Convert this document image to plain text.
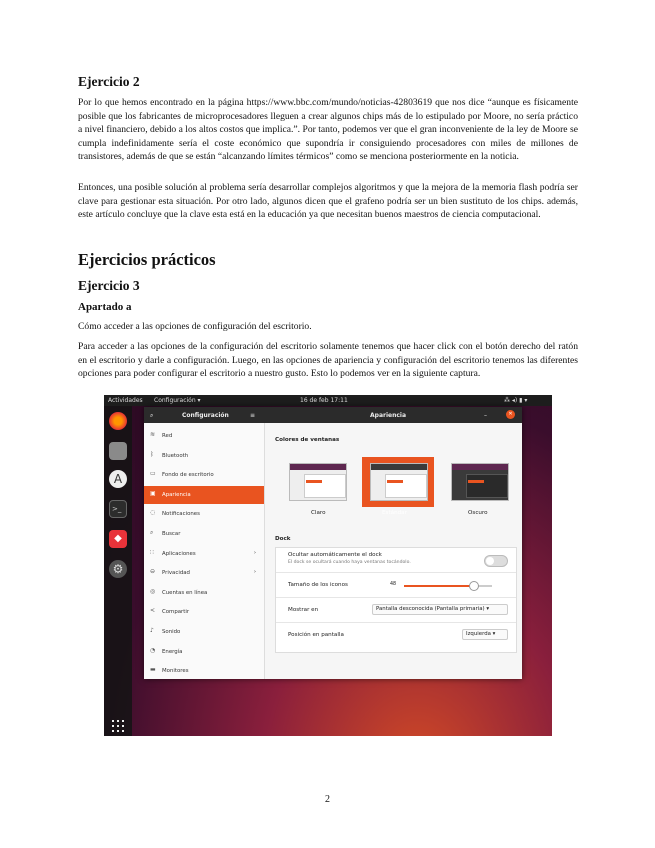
Ejercicio 2

Por lo que hemos encontrado en la página https://www.bbc.com/mundo/noticias-42803619 que nos dice “aunque es físicamente posible que los fabricantes de microprocesadores lleguen a crear algunos chips más de lo estipulado por Moore, no sería práctico a nivel financiero, debido a los altos costos que implica.”. Por tanto, podemos ver que el gran inconveniente de la ley de Moore se cumpla indefinidamente sería el coste económico que supondría ir consiguiendo procesadores con miles de millones de transistores, además de que se están “alcanzando límites térmicos” como se menciona posteriormente en la noticia.

Entonces, una posible solución al problema sería desarrollar complejos algoritmos y que la mejora de la memoria flash podría ser clave para gestionar esta situación. Por otro lado, algunos dicen que el grafeno podría ser un bien sustituto de los chips. además, este artículo concluye que la clave esta está en la educación ya que necesitan buenos maestros de ciencia computacional.

Ejercicios prácticos
Ejercicio 3
Apartado a

Cómo acceder a las opciones de configuración del escritorio.

Para acceder a las opciones de la configuración del escritorio solamente tenemos que hacer click con el botón derecho del ratón en el escritorio y darle a configuración. Luego, en las opciones de apariencia y configuración del escritorio tenemos las diferentes opciones para poder configurar el escritorio a nuestro gusto. Esto lo podemos ver en la siguiente captura.

Actividades Configuración ▾	16 de feb 17:11	⁂ ◂) ▮ ▾
A
>_
◆
⚙
⌕	Configuración	≡	Apariencia	–	✕
≋ Red
ᛒ	Bluetooth
▭ Fondo de escritorio
▣ Apariencia
◌ Notificaciones
⌕	Buscar
∷	Aplicaciones	›
⊖ Privacidad	›
◎ Cuentas en línea
< Compartir
♪	Sonido
◔ Energía
▬ Monitores
Colores de ventanas
Claro	Estándar	Oscuro
Dock
Ocultar automáticamente el dock
El dock se ocultará cuando haya ventanas tocándolo.
Tamaño de los iconos	48
Mostrar en	Pantalla desconocida (Pantalla primaria) ▾
Posición en pantalla	Izquierda ▾
2
